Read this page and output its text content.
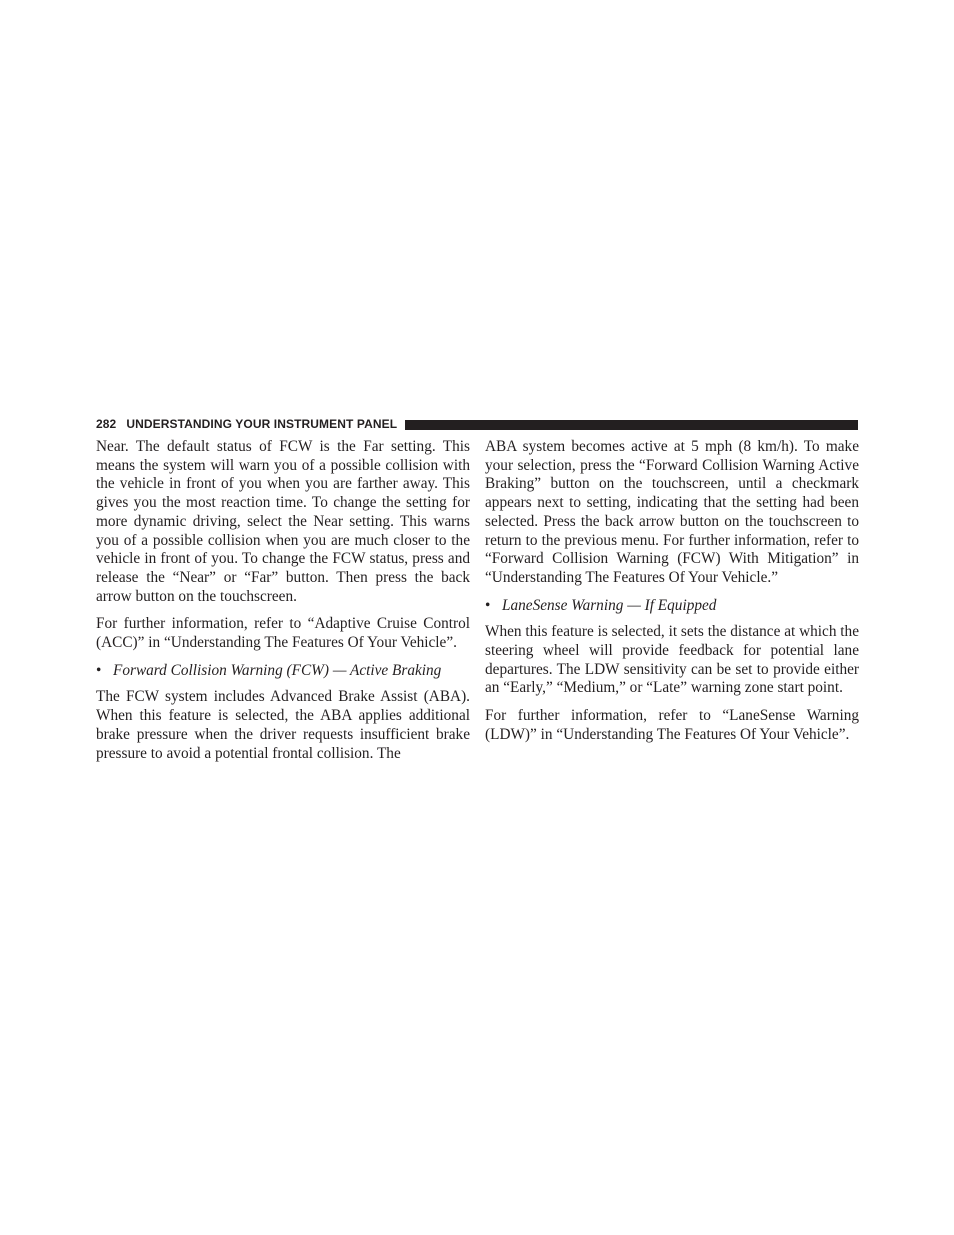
282 UNDERSTANDING YOUR INSTRUMENT PANEL

Near. The default status of FCW is the Far setting. This means the system will warn you of a possible collision with the vehicle in front of you when you are farther away. This gives you the most reaction time. To change the setting for more dynamic driving, select the Near setting. This warns you of a possible collision when you are much closer to the vehicle in front of you. To change the FCW status, press and release the “Near” or “Far” button. Then press the back arrow button on the touchscreen.

For further information, refer to “Adaptive Cruise Control (ACC)” in “Understanding The Features Of Your Vehicle”.

• Forward Collision Warning (FCW) — Active Braking

The FCW system includes Advanced Brake Assist (ABA). When this feature is selected, the ABA applies additional brake pressure when the driver requests insufficient brake pressure to avoid a potential frontal collision. The

ABA system becomes active at 5 mph (8 km/h). To make your selection, press the “Forward Collision Warning Active Braking” button on the touchscreen, until a checkmark appears next to setting, indicating that the setting had been selected. Press the back arrow button on the touchscreen to return to the previous menu. For further information, refer to “Forward Collision Warning (FCW) With Mitigation” in “Understanding The Features Of Your Vehicle.”

• LaneSense Warning — If Equipped

When this feature is selected, it sets the distance at which the steering wheel will provide feedback for potential lane departures. The LDW sensitivity can be set to provide either an “Early,” “Medium,” or “Late” warning zone start point.

For further information, refer to “LaneSense Warning (LDW)” in “Understanding The Features Of Your Vehicle”.
